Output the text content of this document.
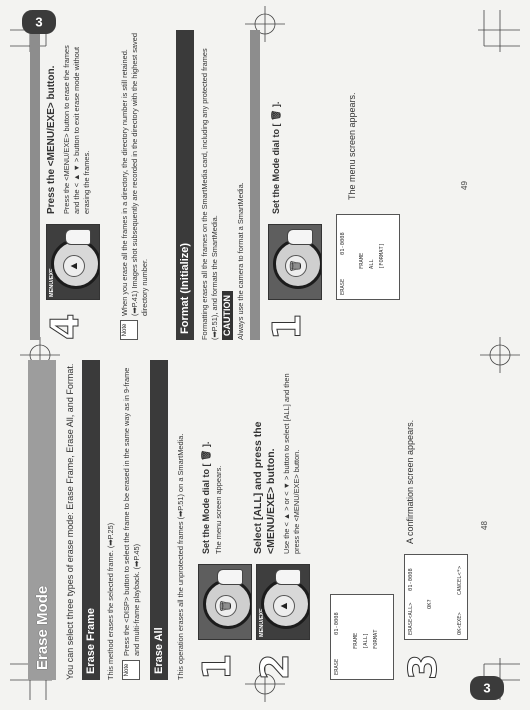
Erase Mode You can select three types of erase mode: Erase Frame, Erase All, and Format. Erase Frame	This method erases the selected frame. (➡P.25)	Note
Press the <DISP> button to select the frame to be erased in the same way as in 9-frame and multi-frame playback. (➡P.45) Erase All	This operation erases all the unprotected frames (➡P.51) on a SmartMedia. 1
🗑
Set the Mode dial to [ 🗑 ]. The menu screen appears.
2
MENU/EXE
▲
Select [ALL] and press the <MENU/EXE> button. Use the < ▲ > or < ▼ > button to select [ALL] and then press the <MENU/EXE> button.
ERASE
01-0008
FRAME [ALL] FORMAT
3
ERASE<ALL>
01-0008
OK?
OK<EXE>
CANCEL<*>
A confirmation screen appears.	48
4
MENU/EXE
▲
Press the <MENU/EXE> button. Press the <MENU/EXE> button to erase the frames and the < ▲ ▼ > button to exit erase mode without erasing the frames.
Note
When you erase all the frames in a directory, the directory number is still retained. (➡P.41) Images shot subsequently are recorded in the directory with the highest saved directory number.	Format (Initialize)	Formatting erases all the frames on the SmartMedia card, including any protected frames (➡P.51), and formats the SmartMedia. CAUTION Always use the camera to format a SmartMedia. 1
🗑
Set the Mode dial to [ 🗑 ].
ERASE
01-0008
FRAME ALL [FORMAT]
The menu screen appears.	49
3
3
